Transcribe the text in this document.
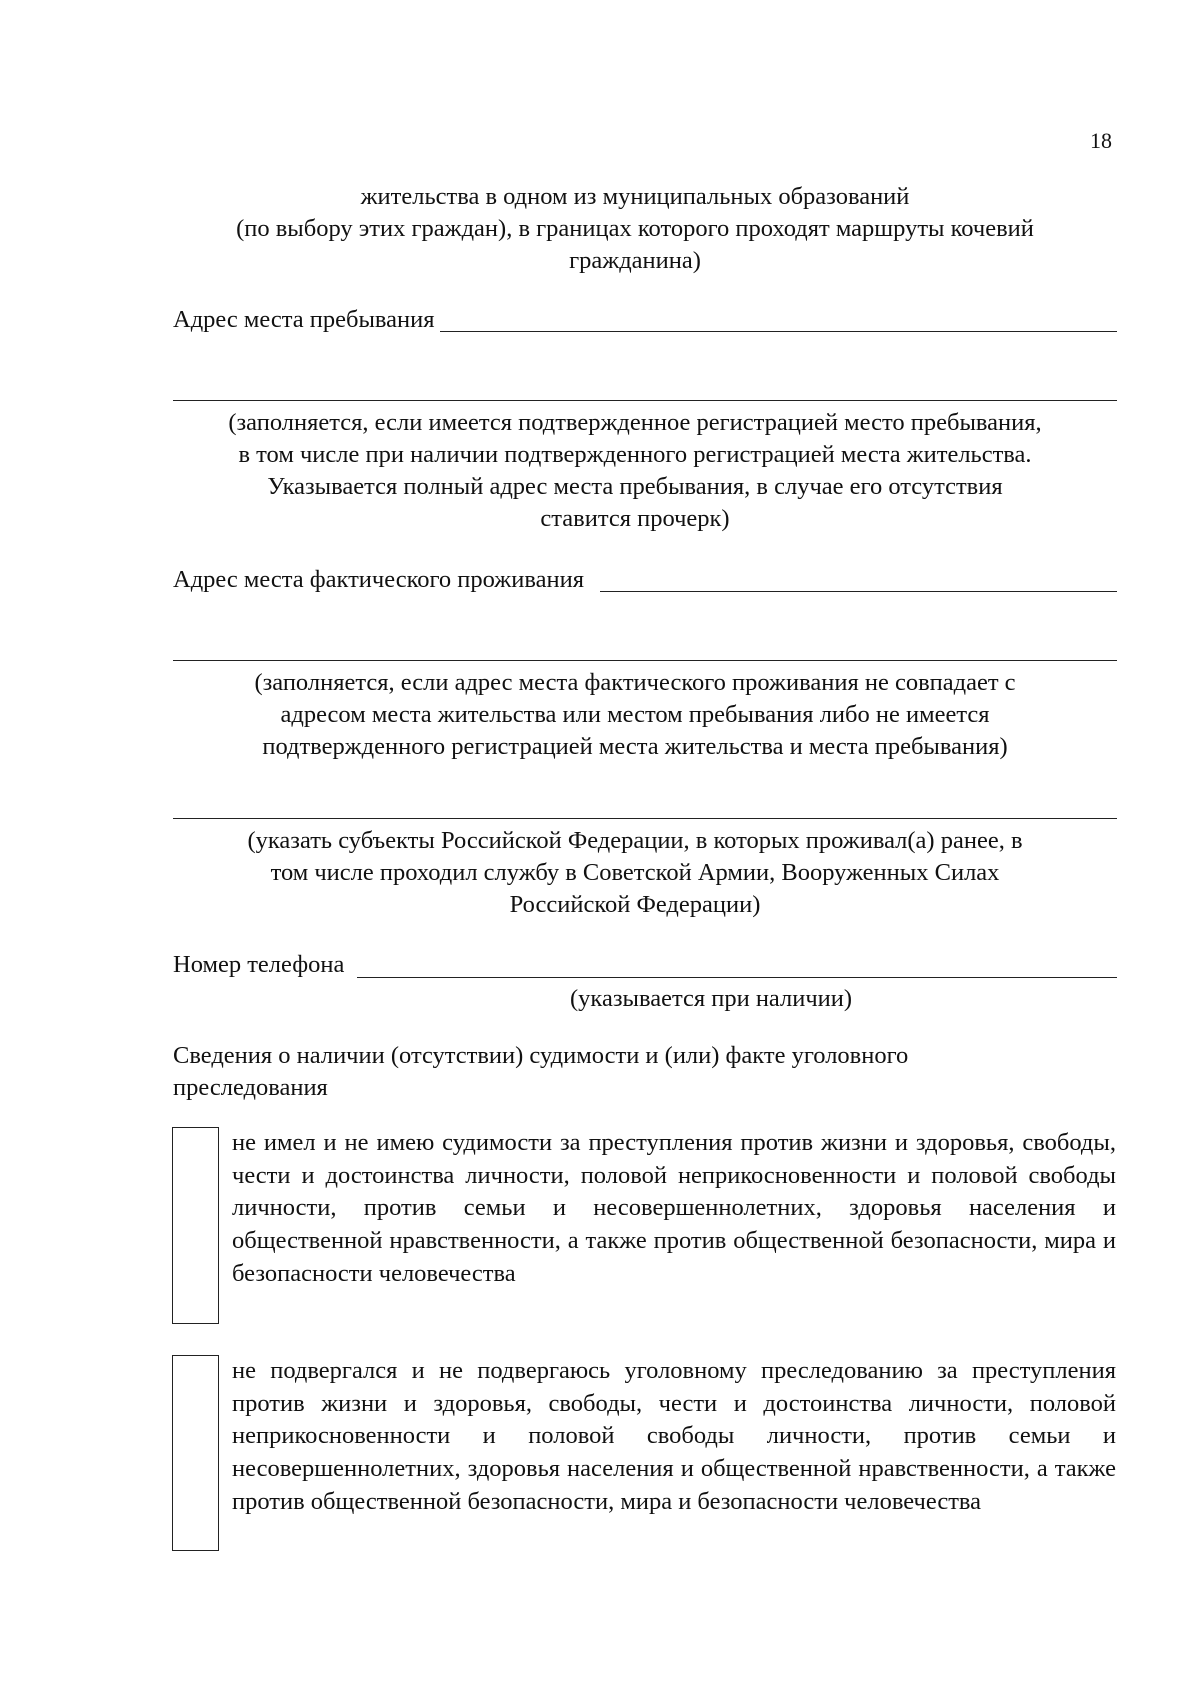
18
жительства в одном из муниципальных образований
(по выбору этих граждан), в границах которого проходят маршруты кочевий
гражданина)
Адрес места пребывания
(заполняется, если имеется подтвержденное регистрацией место пребывания,
в том числе при наличии подтвержденного регистрацией места жительства.
Указывается полный адрес места пребывания, в случае его отсутствия
ставится прочерк)
Адрес места фактического проживания
(заполняется, если адрес места фактического проживания не совпадает с
адресом места жительства или местом пребывания либо не имеется
подтвержденного регистрацией места жительства и места пребывания)
(указать субъекты Российской Федерации, в которых проживал(а) ранее, в
том числе проходил службу в Советской Армии, Вооруженных Силах
Российской Федерации)
Номер телефона
(указывается при наличии)
Сведения о наличии (отсутствии) судимости и (или) факте уголовного
преследования
не имел и не имею судимости за преступления против жизни и здоровья, свободы, чести и достоинства личности, половой неприкосновенности и половой свободы личности, против семьи и несовершеннолетних, здоровья населения и общественной нравственности, а также против общественной безопасности, мира и безопасности человечества
не подвергался и не подвергаюсь уголовному преследованию за преступления против жизни и здоровья, свободы, чести и достоинства личности, половой неприкосновенности и половой свободы личности, против семьи и несовершеннолетних, здоровья населения и общественной нравственности, а также против общественной безопасности, мира и безопасности человечества
